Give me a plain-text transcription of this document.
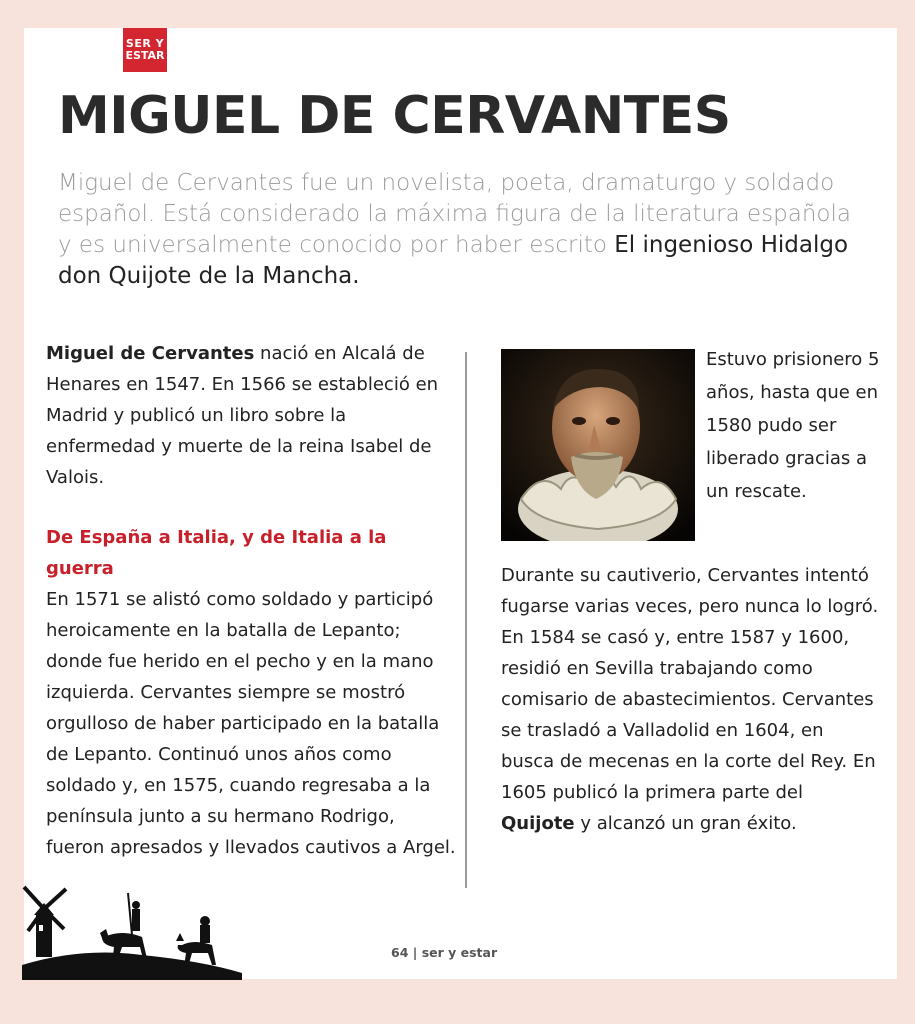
SER Y
ESTAR
MIGUEL DE CERVANTES

Miguel de Cervantes fue un novelista, poeta, dramaturgo y soldado español. Está considerado la máxima figura de la literatura española y es universalmente conocido por haber escrito El ingenioso Hidalgo don Quijote de la Mancha.

Miguel de Cervantes nació en Alcalá de Henares en 1547. En 1566 se estableció en Madrid y publicó un libro sobre la enfermedad y muerte de la reina Isabel de Valois.

De España a Italia, y de Italia a la guerra

En 1571 se alistó como soldado y participó heroicamente en la batalla de Lepanto; donde fue herido en el pecho y en la mano izquierda. Cervantes siempre se mostró orgulloso de haber participado en la batalla de Lepanto. Continuó unos años como soldado y, en 1575, cuando regresaba a la península junto a su hermano Rodrigo, fueron apresados y llevados cautivos a Argel.

Estuvo prisionero 5 años, hasta que en 1580 pudo ser liberado gracias a un rescate.

Durante su cautiverio, Cervantes intentó fugarse varias veces, pero nunca lo logró. En 1584 se casó y, entre 1587 y 1600, residió en Sevilla trabajando como comisario de abastecimientos. Cervantes se trasladó a Valladolid en 1604, en busca de mecenas en la corte del Rey. En 1605 publicó la primera parte del Quijote y alcanzó un gran éxito.

64 | ser y estar
